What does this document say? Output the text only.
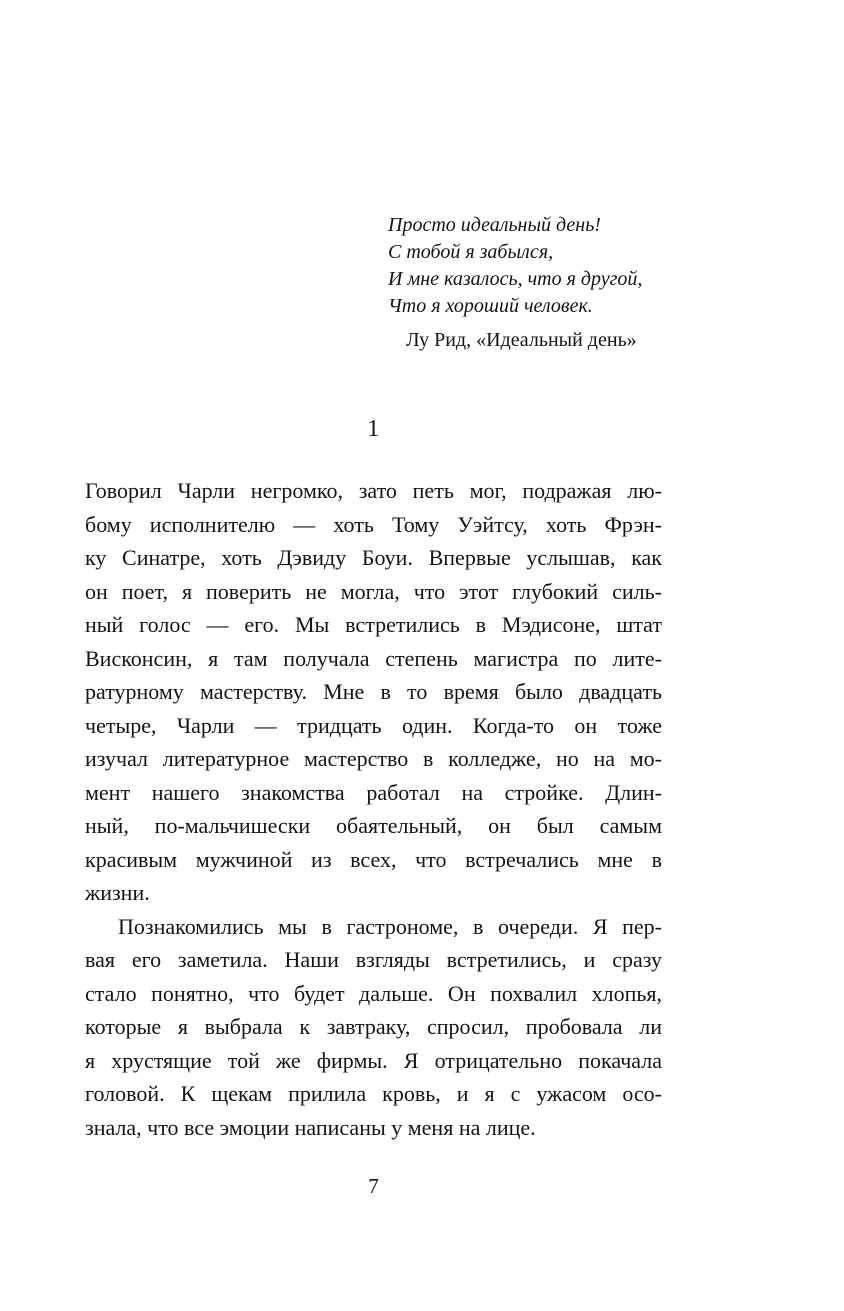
Просто идеальный день!
С тобой я забылся,
И мне казалось, что я другой,
Что я хороший человек.
Лу Рид, «Идеальный день»
1
Говорил Чарли негромко, зато петь мог, подражая лю-
бому исполнителю — хоть Тому Уэйтсу, хоть Фрэн-
ку Синатре, хоть Дэвиду Боуи. Впервые услышав, как
он поет, я поверить не могла, что этот глубокий силь-
ный голос — его. Мы встретились в Мэдисоне, штат
Висконсин, я там получала степень магистра по лите-
ратурному мастерству. Мне в то время было двадцать
четыре, Чарли — тридцать один. Когда-то он тоже
изучал литературное мастерство в колледже, но на мо-
мент нашего знакомства работал на стройке. Длин-
ный, по-мальчишески обаятельный, он был самым
красивым мужчиной из всех, что встречались мне в
жизни.
Познакомились мы в гастрономе, в очереди. Я пер-
вая его заметила. Наши взгляды встретились, и сразу
стало понятно, что будет дальше. Он похвалил хлопья,
которые я выбрала к завтраку, спросил, пробовала ли
я хрустящие той же фирмы. Я отрицательно покачала
головой. К щекам прилила кровь, и я с ужасом осо-
знала, что все эмоции написаны у меня на лице.
7
